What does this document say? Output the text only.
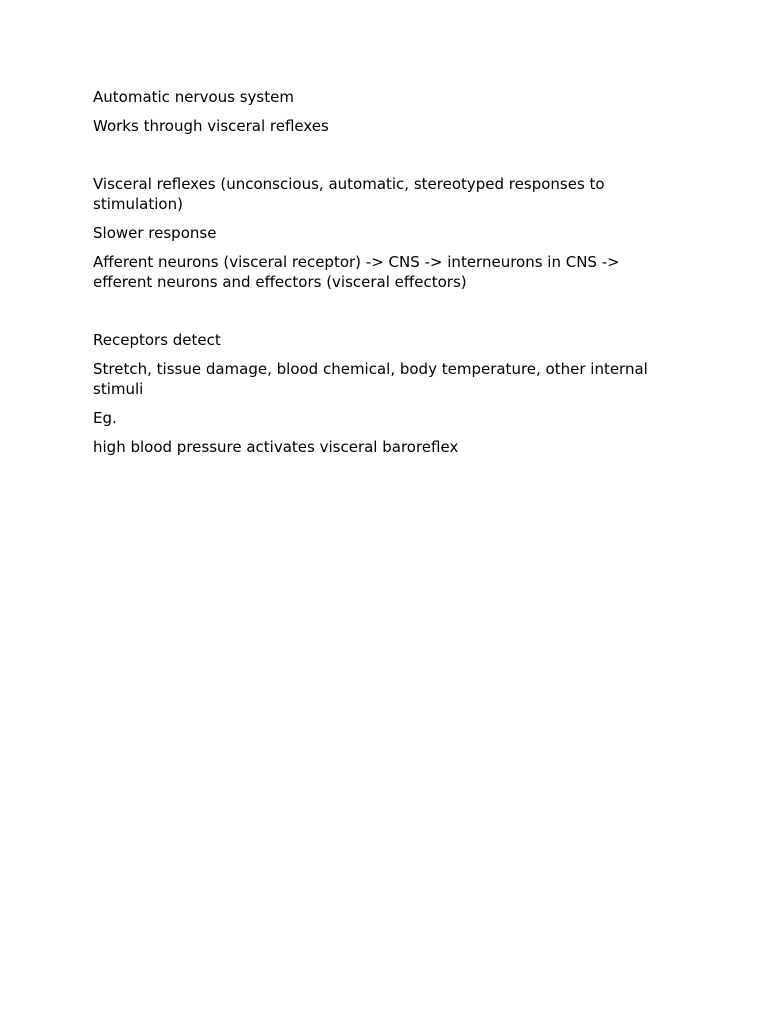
Automatic nervous system

Works through visceral reflexes

Visceral reflexes (unconscious, automatic, stereotyped responses to stimulation)

Slower response

Afferent neurons (visceral receptor) -> CNS -> interneurons in CNS -> efferent neurons and effectors (visceral effectors)

Receptors detect

Stretch, tissue damage, blood chemical, body temperature, other internal stimuli

Eg.

high blood pressure activates visceral baroreflex
